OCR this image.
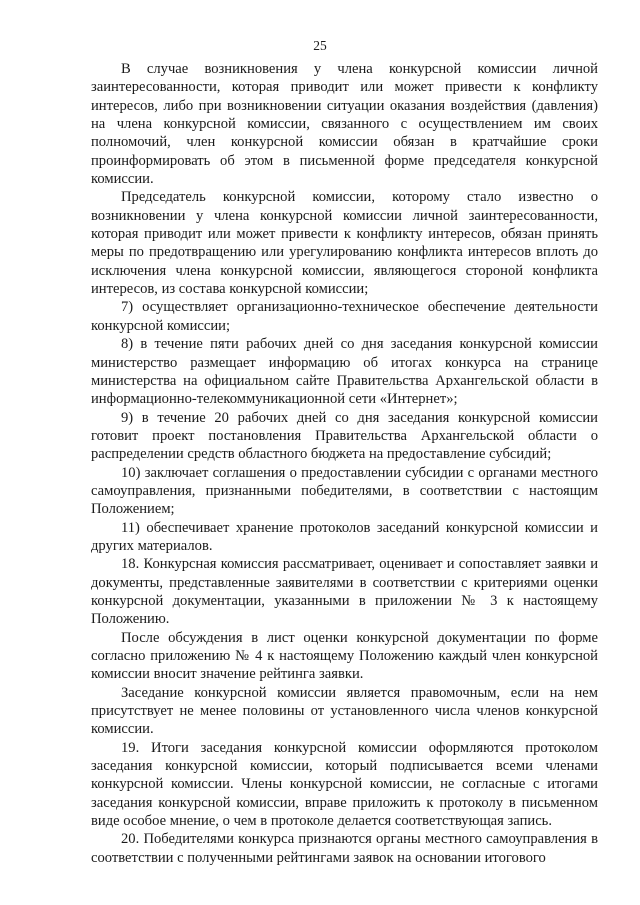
25

В случае возникновения у члена конкурсной комиссии личной заинтересованности, которая приводит или может привести к конфликту интересов, либо при возникновении ситуации оказания воздействия (давления) на члена конкурсной комиссии, связанного с осуществлением им своих полномочий, член конкурсной комиссии обязан в кратчайшие сроки проинформировать об этом в письменной форме председателя конкурсной комиссии.

Председатель конкурсной комиссии, которому стало известно о возникновении у члена конкурсной комиссии личной заинтересованности, которая приводит или может привести к конфликту интересов, обязан принять меры по предотвращению или урегулированию конфликта интересов вплоть до исключения члена конкурсной комиссии, являющегося стороной конфликта интересов, из состава конкурсной комиссии;

7) осуществляет организационно-техническое обеспечение деятельности конкурсной комиссии;

8) в течение пяти рабочих дней со дня заседания конкурсной комиссии министерство размещает информацию об итогах конкурса на странице министерства на официальном сайте Правительства Архангельской области в информационно-телекоммуникационной сети «Интернет»;

9) в течение 20 рабочих дней со дня заседания конкурсной комиссии готовит проект постановления Правительства Архангельской области о распределении средств областного бюджета на предоставление субсидий;

10) заключает соглашения о предоставлении субсидии с органами местного самоуправления, признанными победителями, в соответствии с настоящим Положением;

11) обеспечивает хранение протоколов заседаний конкурсной комиссии и других материалов.

18. Конкурсная комиссия рассматривает, оценивает и сопоставляет заявки и документы, представленные заявителями в соответствии с критериями оценки конкурсной документации, указанными в приложении № 3 к настоящему Положению.

После обсуждения в лист оценки конкурсной документации по форме согласно приложению № 4 к настоящему Положению каждый член конкурсной комиссии вносит значение рейтинга заявки.

Заседание конкурсной комиссии является правомочным, если на нем присутствует не менее половины от установленного числа членов конкурсной комиссии.

19. Итоги заседания конкурсной комиссии оформляются протоколом заседания конкурсной комиссии, который подписывается всеми членами конкурсной комиссии. Члены конкурсной комиссии, не согласные с итогами заседания конкурсной комиссии, вправе приложить к протоколу в письменном виде особое мнение, о чем в протоколе делается соответствующая запись.

20. Победителями конкурса признаются органы местного самоуправления в соответствии с полученными рейтингами заявок на основании итогового
